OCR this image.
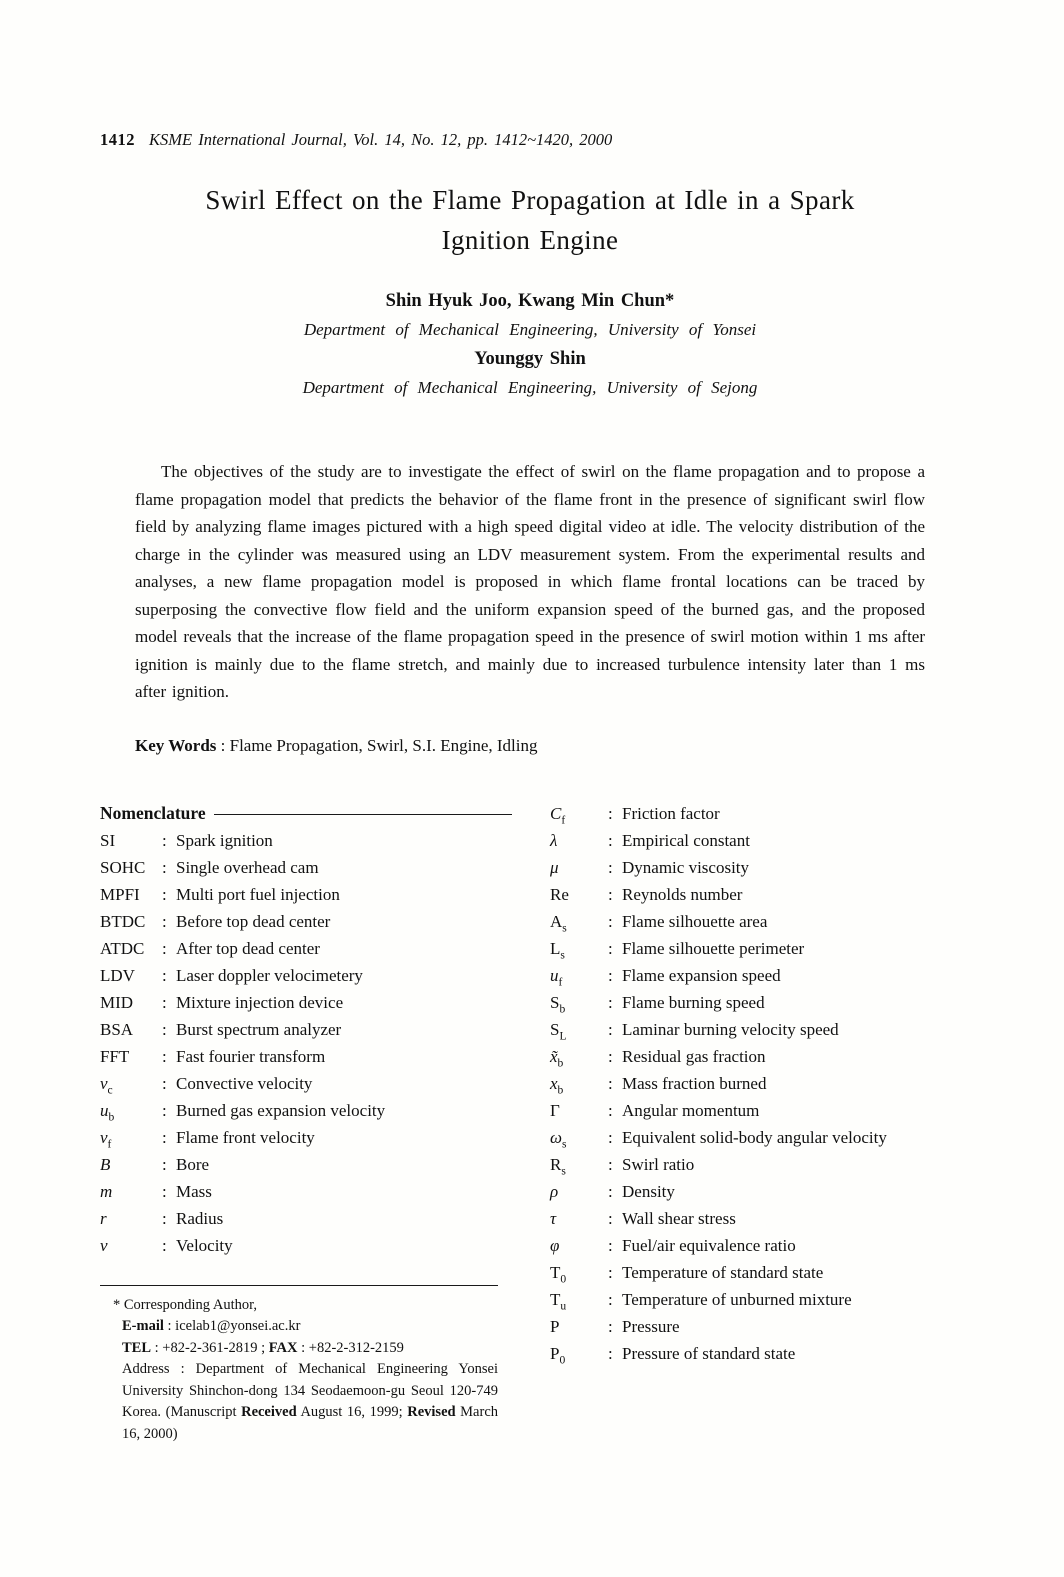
1412 KSME International Journal, Vol. 14, No. 12, pp. 1412~1420, 2000
Swirl Effect on the Flame Propagation at Idle in a Spark Ignition Engine
Shin Hyuk Joo, Kwang Min Chun*
Department of Mechanical Engineering, University of Yonsei
Younggy Shin
Department of Mechanical Engineering, University of Sejong

The objectives of the study are to investigate the effect of swirl on the flame propagation and to propose a flame propagation model that predicts the behavior of the flame front in the presence of significant swirl flow field by analyzing flame images pictured with a high speed digital video at idle. The velocity distribution of the charge in the cylinder was measured using an LDV measurement system. From the experimental results and analyses, a new flame propagation model is proposed in which flame frontal locations can be traced by superposing the convective flow field and the uniform expansion speed of the burned gas, and the proposed model reveals that the increase of the flame propagation speed in the presence of swirl motion within 1 ms after ignition is mainly due to the flame stretch, and mainly due to increased turbulence intensity later than 1 ms after ignition.

Key Words : Flame Propagation, Swirl, S.I. Engine, Idling
Nomenclature
SI	: Spark ignition
SOHC : Single overhead cam
MPFI	: Multi port fuel injection
BTDC : Before top dead center
ATDC	: After top dead center
LDV	: Laser doppler velocimetery
MID	: Mixture injection device
BSA	: Burst spectrum analyzer
FFT	: Fast fourier transform
$v_c$	: Convective velocity
$u_b$	: Burned gas expansion velocity
$v_f$	: Flame front velocity
B	: Bore
m	: Mass
r	: Radius
v	: Velocity
* Corresponding Author,
E-mail : icelab1@yonsei.ac.kr
TEL : +82-2-361-2819 ; FAX : +82-2-312-2159
Address : Department of Mechanical Engineering Yonsei University Shinchon-dong 134 Seodaemoon-gu Seoul 120-749 Korea. (Manuscript Received August 16, 1999; Revised March 16, 2000)
$C_f$	: Friction factor
λ	: Empirical constant
μ	: Dynamic viscosity
Re	: Reynolds number
$A_s$	: Flame silhouette area
$L_s$	: Flame silhouette perimeter
$u_f$	: Flame expansion speed
$S_b$	: Flame burning speed
$S_L$	: Laminar burning velocity speed
$x̃_b$	: Residual gas fraction
$x_b$	: Mass fraction burned
Γ	: Angular momentum
$\omega_s$	: Equivalent solid-body angular velocity
$R_s$	: Swirl ratio
ρ	: Density
τ	: Wall shear stress
φ	: Fuel/air equivalence ratio
$T_0$	: Temperature of standard state
$T_u$	: Temperature of unburned mixture
P	: Pressure
$P_0$	: Pressure of standard state
